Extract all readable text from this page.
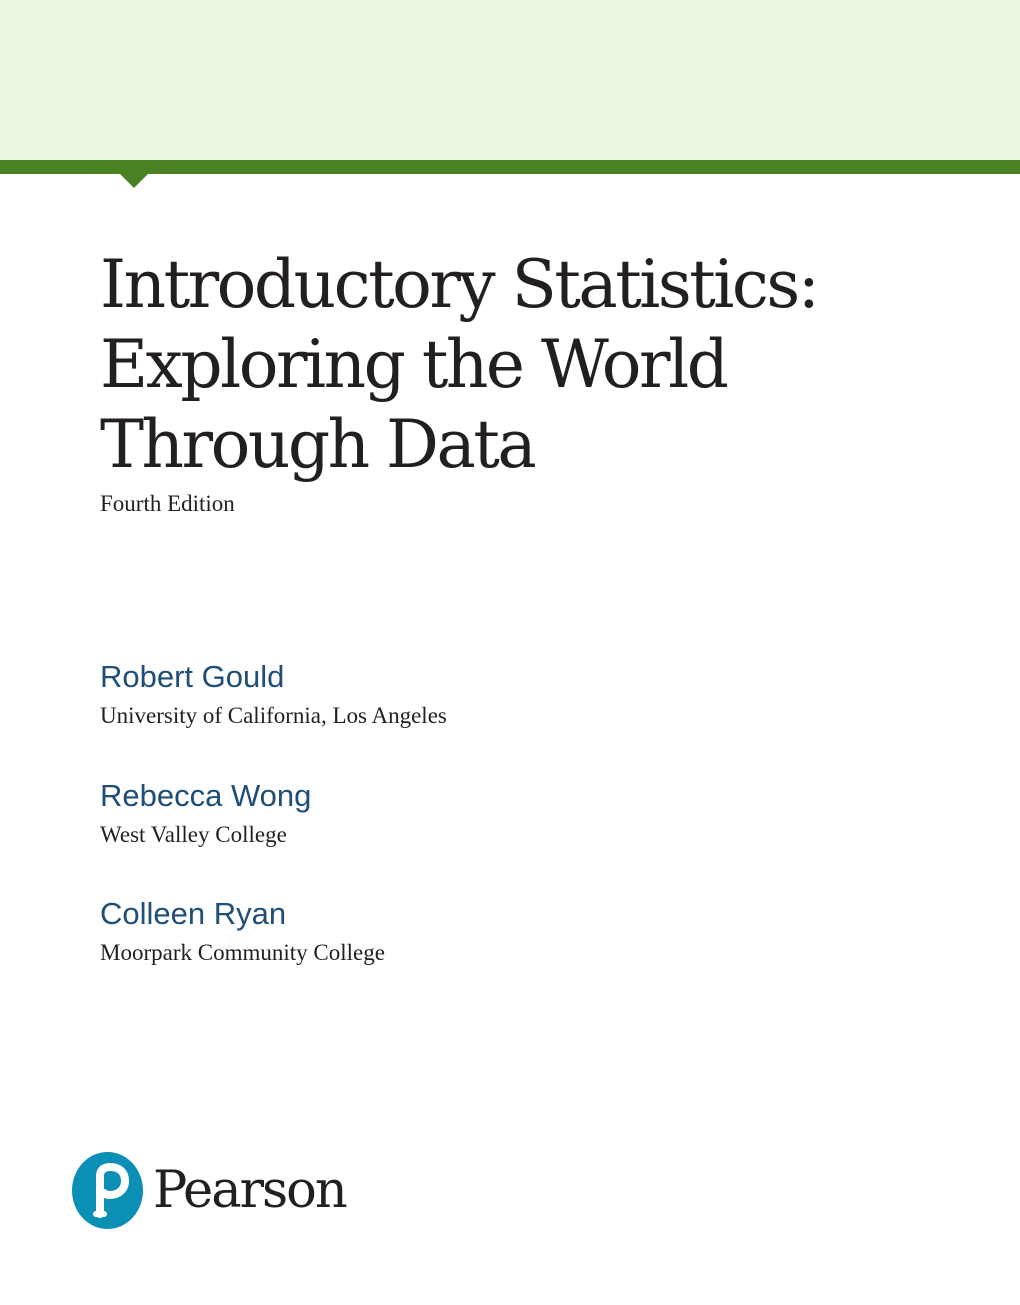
Introductory Statistics:
Exploring the World
Through Data
Fourth Edition
Robert Gould
University of California, Los Angeles
Rebecca Wong
West Valley College
Colleen Ryan
Moorpark Community College
Pearson
